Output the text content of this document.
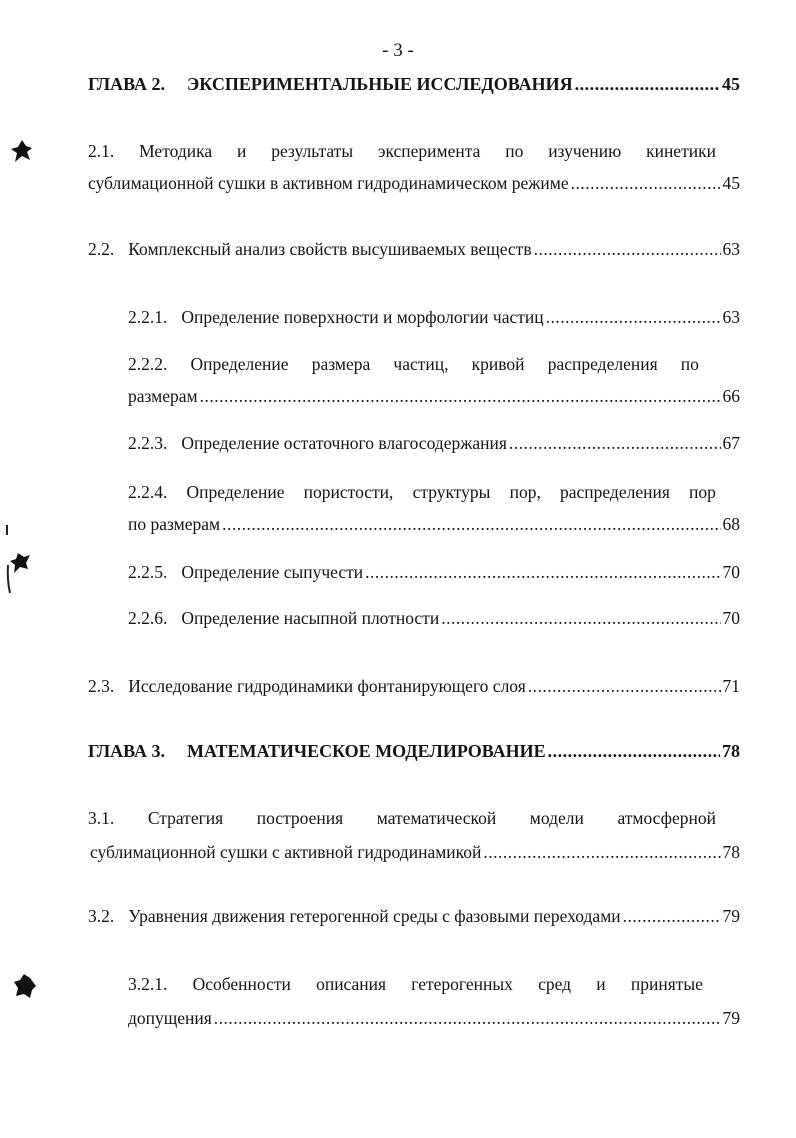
- 3 -
ГЛАВА 2. ЭКСПЕРИМЕНТАЛЬНЫЕ ИССЛЕДОВАНИЯ .....	45
2.1. Методика и результаты эксперимента по изучению кинетики
сублимационной сушки в активном гидродинамическом режиме .....	45
2.2. Комплексный анализ свойств высушиваемых веществ .....	63
2.2.1. Определение поверхности и морфологии частиц .....	63
2.2.2. Определение размера частиц, кривой распределения по
размерам .....	66
2.2.3. Определение остаточного влагосодержания .....	67
2.2.4. Определение пористости, структуры пор, распределения пор
по размерам .....	68
2.2.5. Определение сыпучести .....	70
2.2.6. Определение насыпной плотности .....	70
2.3. Исследование гидродинамики фонтанирующего слоя .....	71
ГЛАВА 3. МАТЕМАТИЧЕСКОЕ МОДЕЛИРОВАНИЕ .....	78
3.1. Стратегия построения математической модели атмосферной
сублимационной сушки с активной гидродинамикой .....	78
3.2. Уравнения движения гетерогенной среды с фазовыми переходами .....	79
3.2.1. Особенности описания гетерогенных сред и принятые
допущения .....	79
